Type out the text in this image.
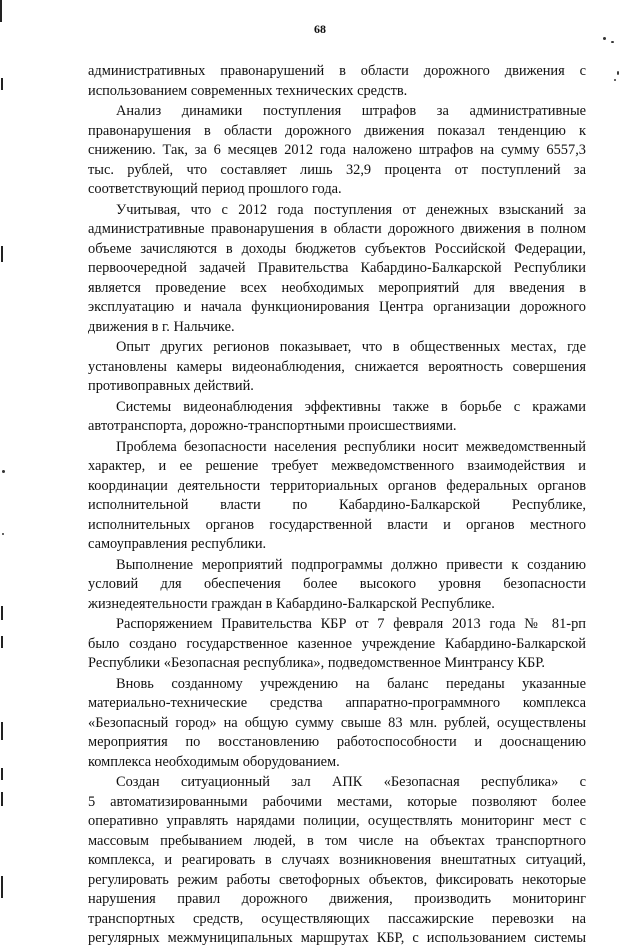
68
административных правонарушений в области дорожного движения с
использованием современных технических средств.
Анализ динамики поступления штрафов за административные
правонарушения в области дорожного движения показал тенденцию к
снижению. Так, за 6 месяцев 2012 года наложено штрафов на сумму 6557,3
тыс. рублей, что составляет лишь 32,9 процента от поступлений за
соответствующий период прошлого года.
Учитывая, что с 2012 года поступления от денежных взысканий за
административные правонарушения в области дорожного движения в полном
объеме зачисляются в доходы бюджетов субъектов Российской Федерации,
первоочередной задачей Правительства Кабардино-Балкарской Республики
является проведение всех необходимых мероприятий для введения в
эксплуатацию и начала функционирования Центра организации дорожного
движения в г. Нальчике.
Опыт других регионов показывает, что в общественных местах, где
установлены камеры видеонаблюдения, снижается вероятность совершения
противоправных действий.
Системы видеонаблюдения эффективны также в борьбе с кражами
автотранспорта, дорожно-транспортными происшествиями.
Проблема безопасности населения республики носит межведомственный
характер, и ее решение требует межведомственного взаимодействия и
координации деятельности территориальных органов федеральных органов
исполнительной власти по Кабардино-Балкарской Республике,
исполнительных органов государственной власти и органов местного
самоуправления республики.
Выполнение мероприятий подпрограммы должно привести к созданию
условий для обеспечения более высокого уровня безопасности
жизнедеятельности граждан в Кабардино-Балкарской Республике.
Распоряжением Правительства КБР от 7 февраля 2013 года № 81-рп
было создано государственное казенное учреждение Кабардино-Балкарской
Республики «Безопасная республика», подведомственное Минтрансу КБР.
Вновь созданному учреждению на баланс переданы указанные
материально-технические средства аппаратно-программного комплекса
«Безопасный город» на общую сумму свыше 83 млн. рублей, осуществлены
мероприятия по восстановлению работоспособности и дооснащению
комплекса необходимым оборудованием.
Создан ситуационный зал АПК «Безопасная республика» с
5 автоматизированными рабочими местами, которые позволяют более
оперативно управлять нарядами полиции, осуществлять мониторинг мест с
массовым пребыванием людей, в том числе на объектах транспортного
комплекса, и реагировать в случаях возникновения внештатных ситуаций,
регулировать режим работы светофорных объектов, фиксировать некоторые
нарушения правил дорожного движения, производить мониторинг
транспортных средств, осуществляющих пассажирские перевозки на
регулярных межмуниципальных маршрутах КБР, с использованием системы
